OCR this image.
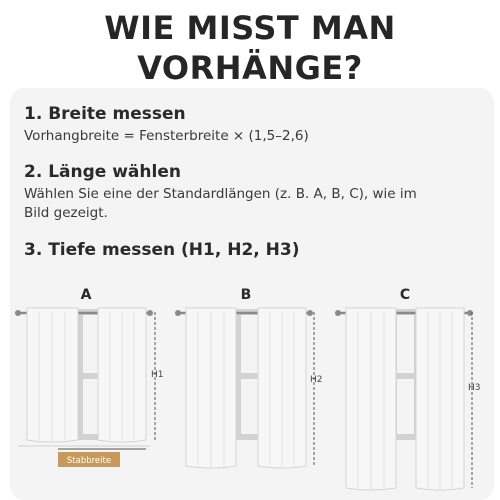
WIE MISST MAN
VORHÄNGE?
1. Breite messen
Vorhangbreite = Fensterbreite × (1,5–2,6)
2. Länge wählen
Wählen Sie eine der Standardlängen (z. B. A, B, C), wie im
Bild gezeigt.
3. Tiefe messen (H1, H2, H3)
A
H1
Stabbreite
B
H2
C
H3
